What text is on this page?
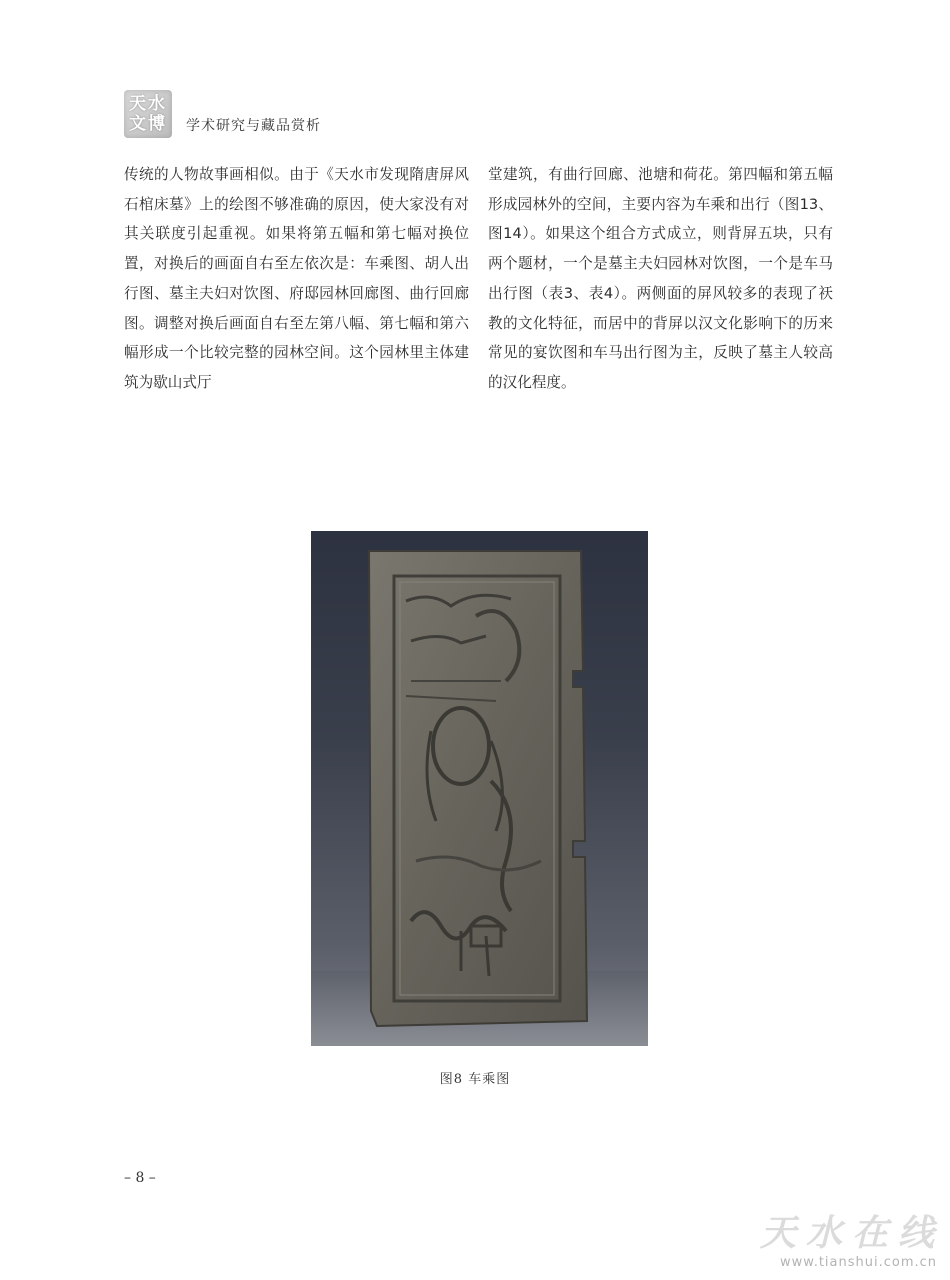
天水
文博 学术研究与藏品赏析

传统的人物故事画相似。由于《天水市发现隋唐屏风石棺床墓》上的绘图不够准确的原因，使大家没有对其关联度引起重视。如果将第五幅和第七幅对换位置，对换后的画面自右至左依次是：车乘图、胡人出行图、墓主夫妇对饮图、府邸园林回廊图、曲行回廊图。调整对换后画面自右至左第八幅、第七幅和第六幅形成一个比较完整的园林空间。这个园林里主体建筑为歇山式厅

堂建筑，有曲行回廊、池塘和荷花。第四幅和第五幅形成园林外的空间，主要内容为车乘和出行（图13、图14）。如果这个组合方式成立，则背屏五块，只有两个题材，一个是墓主夫妇园林对饮图，一个是车马出行图（表3、表4）。两侧面的屏风较多的表现了祆教的文化特征，而居中的背屏以汉文化影响下的历来常见的宴饮图和车马出行图为主，反映了墓主人较高的汉化程度。

图8 车乘图
– 8 –
天水在线
www.tianshui.com.cn
